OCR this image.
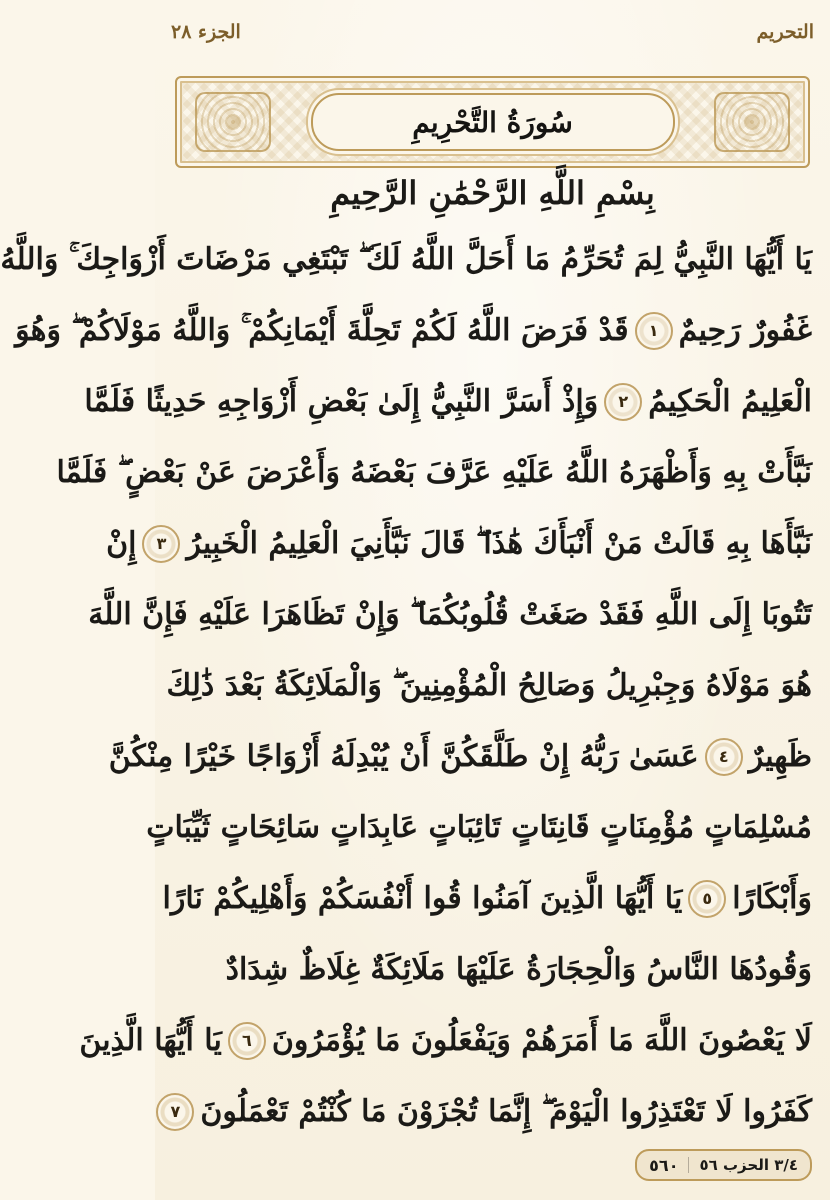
التحريم
الجزء ٢٨
سُورَةُ التَّحْرِيمِ
بِسْمِ اللَّهِ الرَّحْمَٰنِ الرَّحِيمِ
يَا أَيُّهَا النَّبِيُّ لِمَ تُحَرِّمُ مَا أَحَلَّ اللَّهُ لَكَ ۖ تَبْتَغِي مَرْضَاتَ أَزْوَاجِكَ ۚ وَاللَّهُ
غَفُورٌ رَحِيمٌ
١
قَدْ فَرَضَ اللَّهُ لَكُمْ تَحِلَّةَ أَيْمَانِكُمْ ۚ وَاللَّهُ مَوْلَاكُمْ ۖ وَهُوَ
الْعَلِيمُ الْحَكِيمُ
٢
وَإِذْ أَسَرَّ النَّبِيُّ إِلَىٰ بَعْضِ أَزْوَاجِهِ حَدِيثًا فَلَمَّا
نَبَّأَتْ بِهِ وَأَظْهَرَهُ اللَّهُ عَلَيْهِ عَرَّفَ بَعْضَهُ وَأَعْرَضَ عَنْ بَعْضٍ ۖ فَلَمَّا
نَبَّأَهَا بِهِ قَالَتْ مَنْ أَنْبَأَكَ هَٰذَا ۖ قَالَ نَبَّأَنِيَ الْعَلِيمُ الْخَبِيرُ
٣
إِنْ
تَتُوبَا إِلَى اللَّهِ فَقَدْ صَغَتْ قُلُوبُكُمَا ۖ وَإِنْ تَظَاهَرَا عَلَيْهِ فَإِنَّ اللَّهَ
هُوَ مَوْلَاهُ وَجِبْرِيلُ وَصَالِحُ الْمُؤْمِنِينَ ۖ وَالْمَلَائِكَةُ بَعْدَ ذَٰلِكَ
ظَهِيرٌ
٤
عَسَىٰ رَبُّهُ إِنْ طَلَّقَكُنَّ أَنْ يُبْدِلَهُ أَزْوَاجًا خَيْرًا مِنْكُنَّ
مُسْلِمَاتٍ مُؤْمِنَاتٍ قَانِتَاتٍ تَائِبَاتٍ عَابِدَاتٍ سَائِحَاتٍ ثَيِّبَاتٍ
وَأَبْكَارًا
٥
يَا أَيُّهَا الَّذِينَ آمَنُوا قُوا أَنْفُسَكُمْ وَأَهْلِيكُمْ نَارًا
وَقُودُهَا النَّاسُ وَالْحِجَارَةُ عَلَيْهَا مَلَائِكَةٌ غِلَاظٌ شِدَادٌ
لَا يَعْصُونَ اللَّهَ مَا أَمَرَهُمْ وَيَفْعَلُونَ مَا يُؤْمَرُونَ
٦
يَا أَيُّهَا الَّذِينَ
كَفَرُوا لَا تَعْتَذِرُوا الْيَوْمَ ۖ إِنَّمَا تُجْزَوْنَ مَا كُنْتُمْ تَعْمَلُونَ
٧
٣/٤ الحزب ٥٦
٥٦٠
